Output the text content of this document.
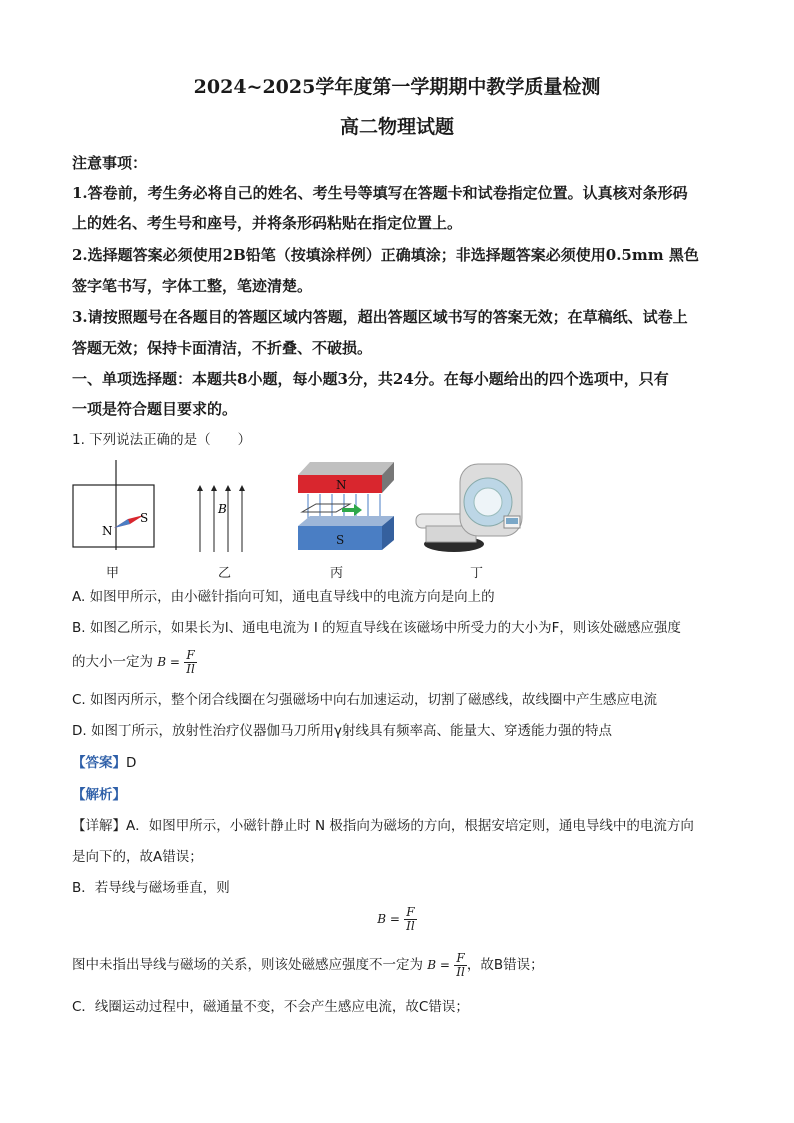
2024~2025学年度第一学期期中教学质量检测
高二物理试题
注意事项：
1.答卷前，考生务必将自己的姓名、考生号等填写在答题卡和试卷指定位置。认真核对条形码
上的姓名、考生号和座号，并将条形码粘贴在指定位置上。
2.选择题答案必须使用2B铅笔（按填涂样例）正确填涂；非选择题答案必须使用0.5mm 黑色
签字笔书写，字体工整，笔迹清楚。
3.请按照题号在各题目的答题区域内答题，超出答题区域书写的答案无效；在草稿纸、试卷上
答题无效；保持卡面清洁，不折叠、不破损。
一、单项选择题：本题共8小题，每小题3分，共24分。在每小题给出的四个选项中，只有
一项是符合题目要求的。
1. 下列说法正确的是（　　）
N
S
甲
B
乙
N
S
丙	丁
A. 如图甲所示，由小磁针指向可知，通电直导线中的电流方向是向上的
B. 如图乙所示，如果长为l、通电电流为 I 的短直导线在该磁场中所受力的大小为F，则该处磁感应强度
的大小一定为 $B = \frac{F}{Il}$
C. 如图丙所示，整个闭合线圈在匀强磁场中向右加速运动，切割了磁感线，故线圈中产生感应电流
D. 如图丁所示，放射性治疗仪器伽马刀所用γ射线具有频率高、能量大、穿透能力强的特点
【答案】D
【解析】
【详解】A．如图甲所示，小磁针静止时 N 极指向为磁场的方向，根据安培定则，通电导线中的电流方向
是向下的，故A错误；
B．若导线与磁场垂直，则
$B = \frac{F}{Il}$
图中未指出导线与磁场的关系，则该处磁感应强度不一定为 $B = \frac{F}{Il}$ ，故B错误；
C．线圈运动过程中，磁通量不变，不会产生感应电流，故C错误；
